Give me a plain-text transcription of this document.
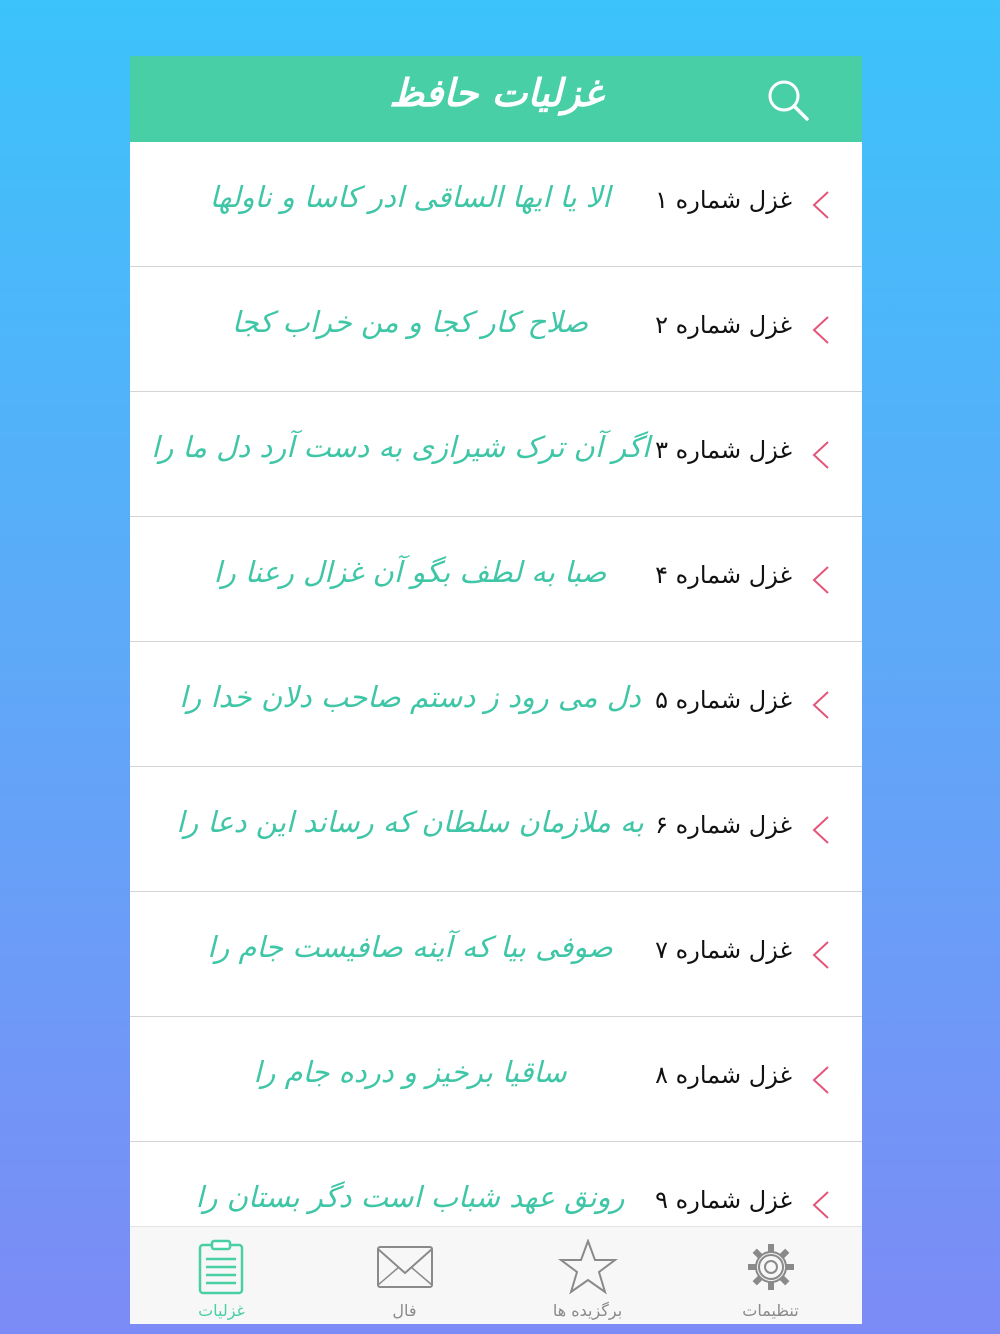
غزلیات حافظ
غزل شماره ۱
الا یا ایها الساقی ادر کاسا و ناولها
غزل شماره ۲
صلاح کار کجا و من خراب کجا
غزل شماره ۳
اگر آن ترک شیرازی به دست آرد دل ما را
غزل شماره ۴
صبا به لطف بگو آن غزال رعنا را
غزل شماره ۵
دل می رود ز دستم صاحب دلان خدا را
غزل شماره ۶
به ملازمان سلطان که رساند این دعا را
غزل شماره ۷
صوفی بیا که آینه صافیست جام را
غزل شماره ۸
ساقیا برخیز و درده جام را
غزل شماره ۹
رونق عهد شباب است دگر بستان را
غزلیات	فال	برگزیده ها	تنظیمات
